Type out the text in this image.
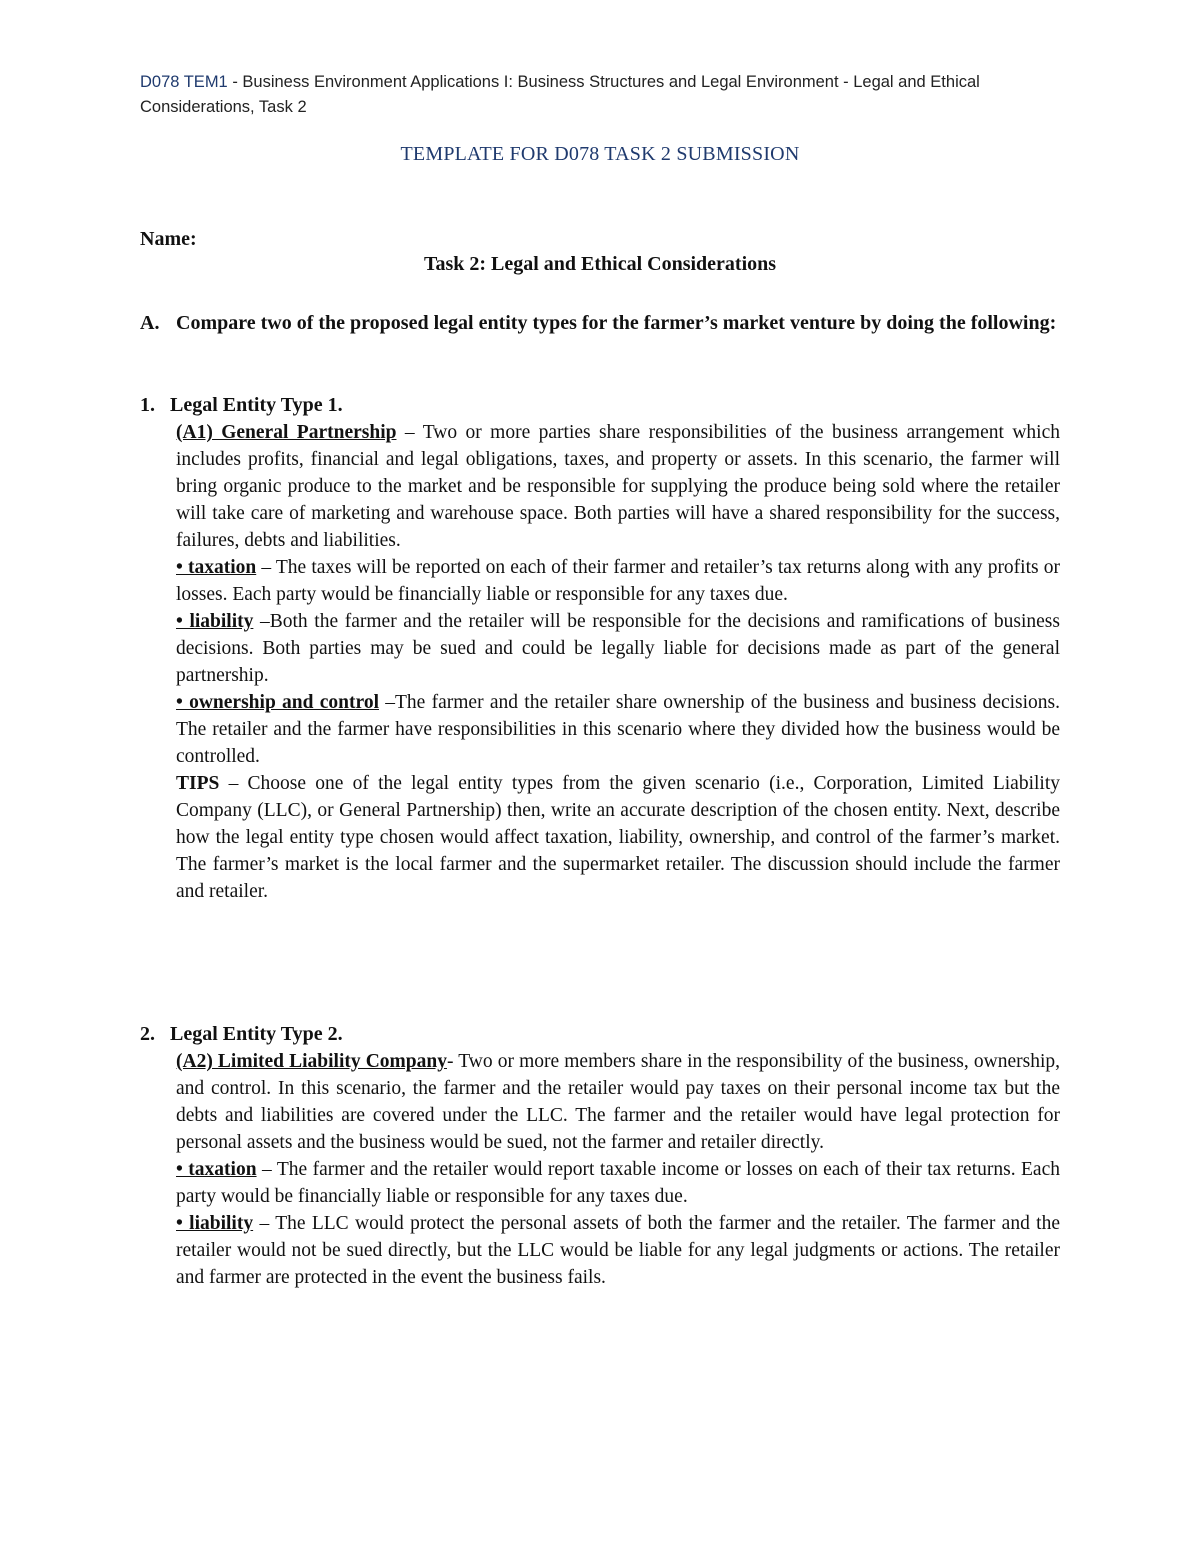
D078 TEM1 - Business Environment Applications I: Business Structures and Legal Environment - Legal and Ethical Considerations, Task 2
TEMPLATE FOR D078 TASK 2 SUBMISSION
Name:
Task 2: Legal and Ethical Considerations
A. Compare two of the proposed legal entity types for the farmer’s market venture by doing the following:
1. Legal Entity Type 1.

(A1) General Partnership – Two or more parties share responsibilities of the business arrangement which includes profits, financial and legal obligations, taxes, and property or assets. In this scenario, the farmer will bring organic produce to the market and be responsible for supplying the produce being sold where the retailer will take care of marketing and warehouse space. Both parties will have a shared responsibility for the success, failures, debts and liabilities.

• taxation – The taxes will be reported on each of their farmer and retailer’s tax returns along with any profits or losses. Each party would be financially liable or responsible for any taxes due.

• liability –Both the farmer and the retailer will be responsible for the decisions and ramifications of business decisions. Both parties may be sued and could be legally liable for decisions made as part of the general partnership.

• ownership and control –The farmer and the retailer share ownership of the business and business decisions. The retailer and the farmer have responsibilities in this scenario where they divided how the business would be controlled.

TIPS – Choose one of the legal entity types from the given scenario (i.e., Corporation, Limited Liability Company (LLC), or General Partnership) then, write an accurate description of the chosen entity. Next, describe how the legal entity type chosen would affect taxation, liability, ownership, and control of the farmer’s market. The farmer’s market is the local farmer and the supermarket retailer. The discussion should include the farmer and retailer.

2. Legal Entity Type 2.

(A2) Limited Liability Company- Two or more members share in the responsibility of the business, ownership, and control. In this scenario, the farmer and the retailer would pay taxes on their personal income tax but the debts and liabilities are covered under the LLC. The farmer and the retailer would have legal protection for personal assets and the business would be sued, not the farmer and retailer directly.

• taxation – The farmer and the retailer would report taxable income or losses on each of their tax returns. Each party would be financially liable or responsible for any taxes due.

• liability – The LLC would protect the personal assets of both the farmer and the retailer. The farmer and the retailer would not be sued directly, but the LLC would be liable for any legal judgments or actions. The retailer and farmer are protected in the event the business fails.
